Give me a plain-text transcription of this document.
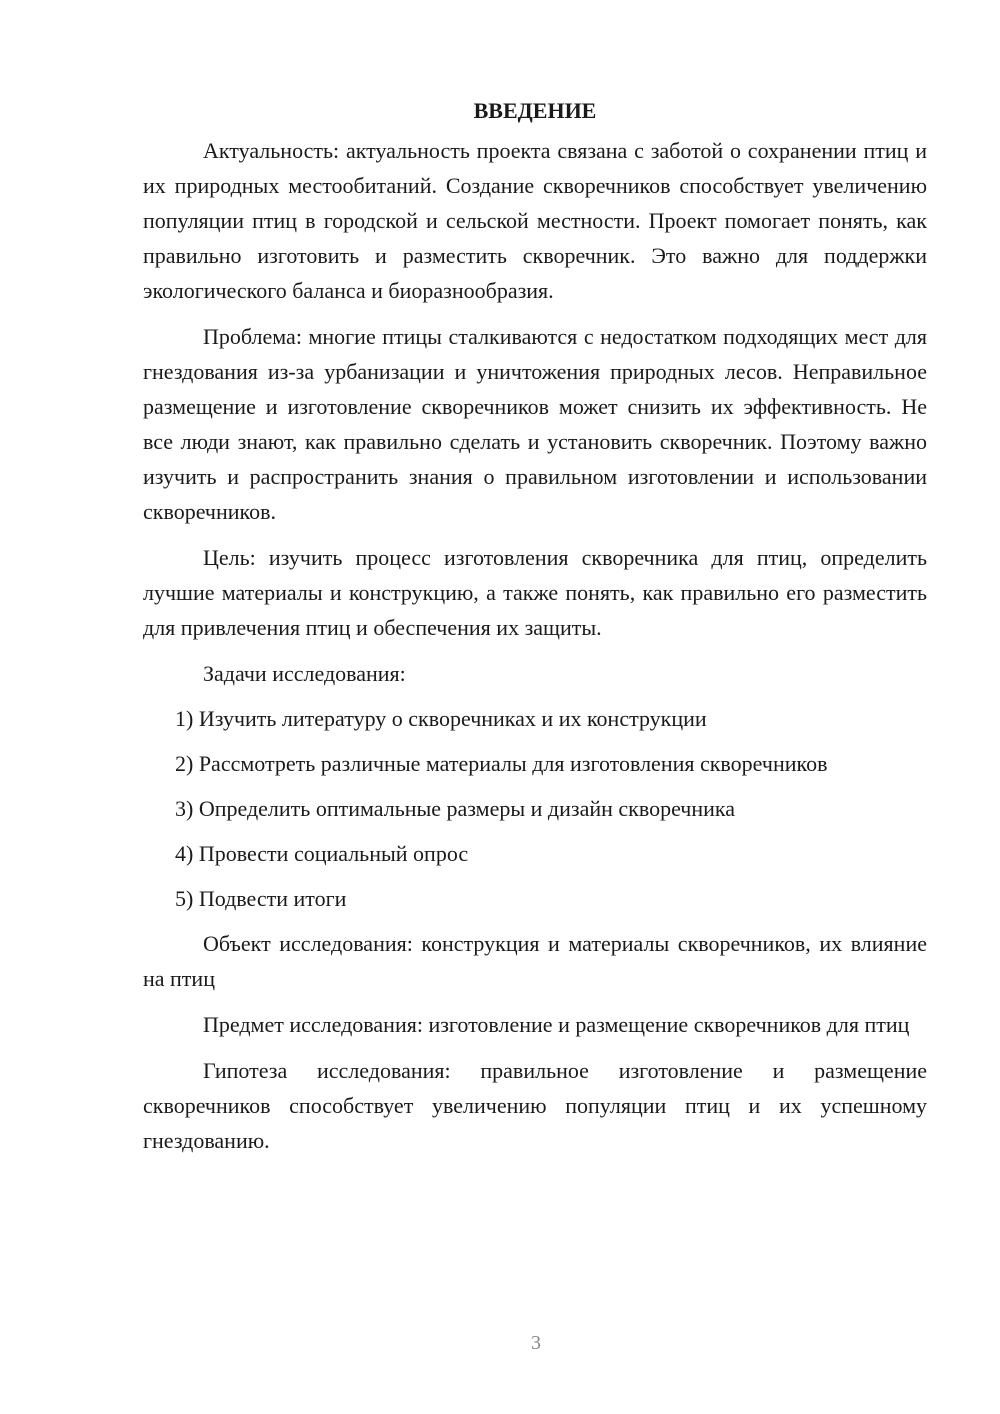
ВВЕДЕНИЕ

Актуальность: актуальность проекта связана с заботой о сохранении птиц и их природных местообитаний. Создание скворечников способствует увеличению популяции птиц в городской и сельской местности. Проект помогает понять, как правильно изготовить и разместить скворечник. Это важно для поддержки экологического баланса и биоразнообразия.

Проблема: многие птицы сталкиваются с недостатком подходящих мест для гнездования из-за урбанизации и уничтожения природных лесов. Неправильное размещение и изготовление скворечников может снизить их эффективность. Не все люди знают, как правильно сделать и установить скворечник. Поэтому важно изучить и распространить знания о правильном изготовлении и использовании скворечников.

Цель: изучить процесс изготовления скворечника для птиц, определить лучшие материалы и конструкцию, а также понять, как правильно его разместить для привлечения птиц и обеспечения их защиты.

Задачи исследования:

1) Изучить литературу о скворечниках и их конструкции
2) Рассмотреть различные материалы для изготовления скворечников
3) Определить оптимальные размеры и дизайн скворечника
4) Провести социальный опрос
5) Подвести итоги

Объект исследования: конструкция и материалы скворечников, их влияние на птиц

Предмет исследования: изготовление и размещение скворечников для птиц

Гипотеза исследования: правильное изготовление и размещение скворечников способствует увеличению популяции птиц и их успешному гнездованию.

3
